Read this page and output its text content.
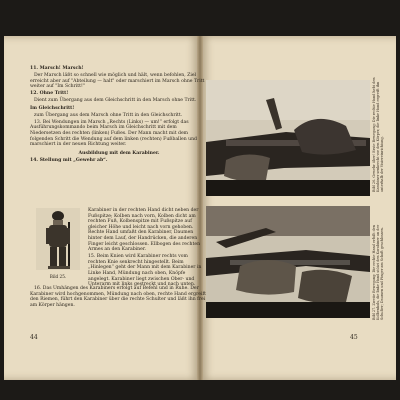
11. Marsch! Marsch!

Der Marsch läßt so schnell wie möglich und hält, wenn befohlen, Ziel erreicht aber auf "Abteilung — halt" oder marschiert im Marsch ohne Tritt weiter auf "Im Schritt!"

12. Ohne Tritt!

Dient zum Übergang aus dem Gleichschritt in den Marsch ohne Tritt.

Im Gleichschritt!

zum Übergang aus dem Marsch ohne Tritt in den Gleichschritt.

13. Bei Wendungen im Marsch „Rechts (Links) — um!“ erfolgt das Ausführungskommando beim Marsch im Gleichschritt mit dem Niedersetzen des rechten (linken) Fußes. Der Mann macht mit dem folgenden Schritt die Wendung auf dem linken (rechten) Fußballen und marschiert in der neuen Richtung weiter.

Ausbildung mit dem Karabiner.

14. Stellung mit „Gewehr ab“.

Bild 25.

Karabiner in der rechten Hand dicht neben der Fußspitze; Kolben nach vorn, Kolben dicht am rechten Fuß, Kolbenspitze mit Fußspitze auf gleicher Höhe und leicht nach vorn gehoben. Rechte Hand umfaßt den Karabiner, Daumen hinter dem Lauf, der Handrücken, die anderen Finger leicht geschlossen. Ellbogen des rechten Armes an den Karabiner.

15. Beim Knien wird Karabiner rechts vom rechten Knie senkrecht hingestellt. Beim „Hinlegen“ geht der Mann mit dem Karabiner in Linke Hand, Mündung nach oben, Knöpfe angelegt. Karabiner liegt zwischen Ober- und Unterarm mit links gestreckt und nach unten.

16. Das Umhängen des Karabiners erfolgt auf Befehl und in Ruhe. Der Karabiner wird hochgenommen, Mündung nach oben, rechte Hand ergreift den Riemen, führt den Karabiner über die rechte Schulter und läßt ihn frei am Körper hängen.

44	45
Bild 26. Gewehr über! Erste Bewegung: Die rechte Hand hebt den Karabiner senkrecht vor den Körper, die linke Hand ergreift ihn unterhalb der Visiereinrichtung.
Bild 27. Zweite Bewegung: Die rechte Hand erfaßt den Kolbenhals, die linke Hand stützt den Karabiner an der Schulter; Daumen und Finger am Schaft geschlossen.
